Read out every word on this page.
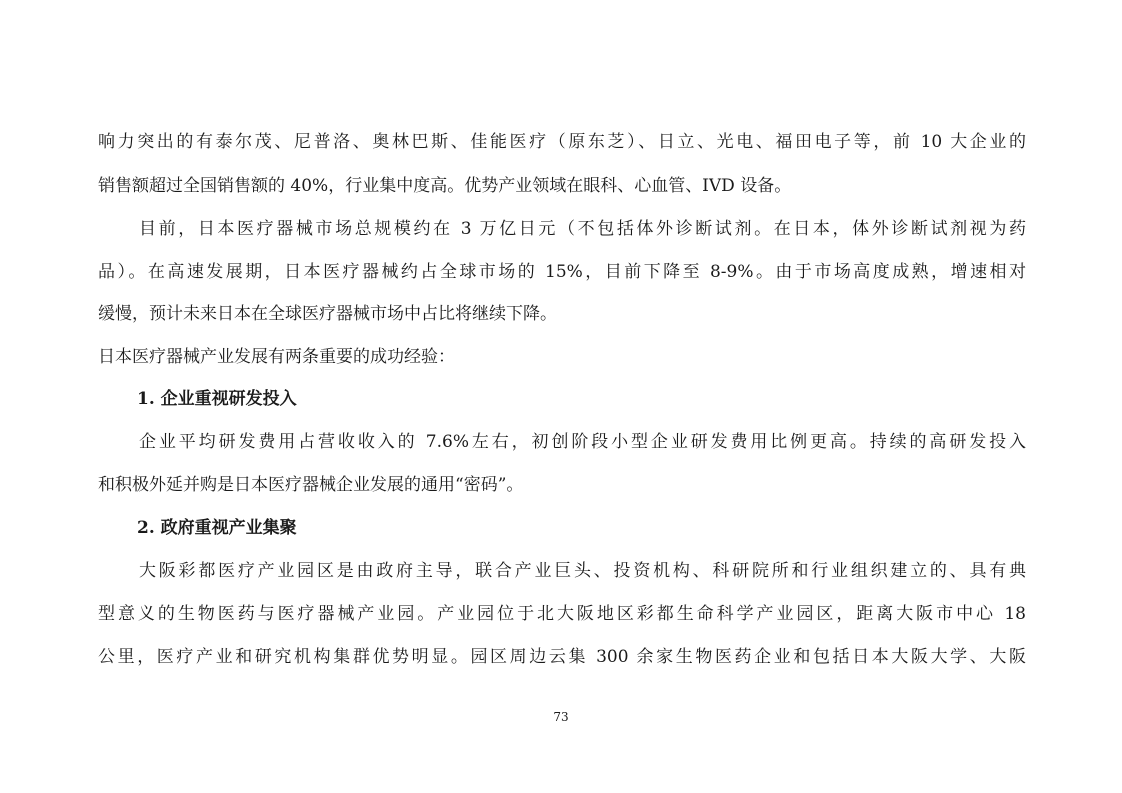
响力突出的有泰尔茂、尼普洛、奥林巴斯、佳能医疗（原东芝）、日立、光电、福田电子等，前 10 大企业的
销售额超过全国销售额的 40%，行业集中度高。优势产业领域在眼科、心血管、IVD 设备。
目前，日本医疗器械市场总规模约在 3 万亿日元（不包括体外诊断试剂。在日本，体外诊断试剂视为药
品）。在高速发展期，日本医疗器械约占全球市场的 15%，目前下降至 8-9%。由于市场高度成熟，增速相对
缓慢，预计未来日本在全球医疗器械市场中占比将继续下降。
日本医疗器械产业发展有两条重要的成功经验：
1. 企业重视研发投入
企业平均研发费用占营收收入的 7.6%左右，初创阶段小型企业研发费用比例更高。持续的高研发投入
和积极外延并购是日本医疗器械企业发展的通用“密码”。
2. 政府重视产业集聚
大阪彩都医疗产业园区是由政府主导，联合产业巨头、投资机构、科研院所和行业组织建立的、具有典
型意义的生物医药与医疗器械产业园。产业园位于北大阪地区彩都生命科学产业园区，距离大阪市中心 18
公里，医疗产业和研究机构集群优势明显。园区周边云集 300 余家生物医药企业和包括日本大阪大学、大阪
73
